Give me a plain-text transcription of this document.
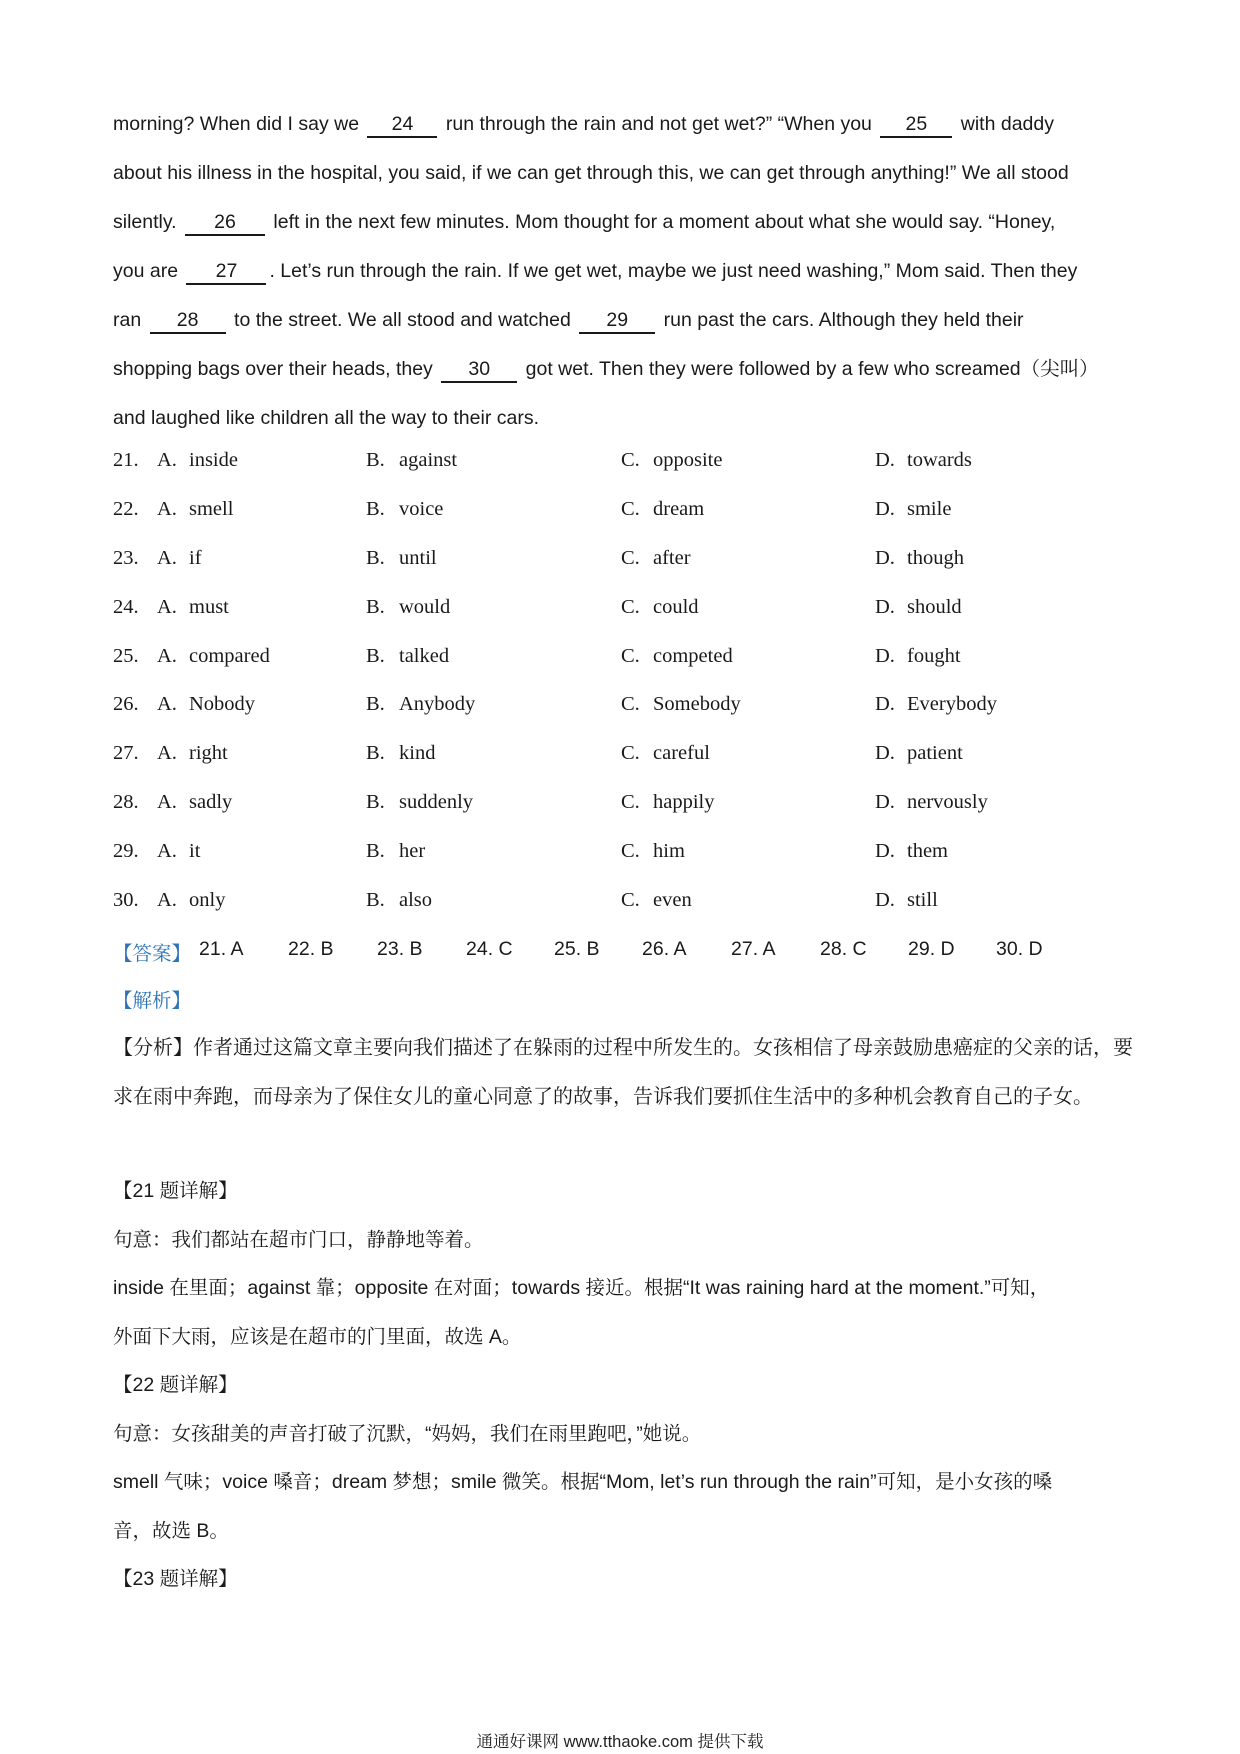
morning? When did I say we 24 run through the rain and not get wet?” “When you 25 with daddy
about his illness in the hospital, you said, if we can get through this, we can get through anything!” We all stood
silently. 26 left in the next few minutes. Mom thought for a moment about what she would say. “Honey,
you are 27 . Let’s run through the rain. If we get wet, maybe we just need washing,” Mom said. Then they
ran 28 to the street. We all stood and watched 29 run past the cars. Although they held their
shopping bags over their heads, they 30 got wet. Then they were followed by a few who screamed（尖叫）
and laughed like children all the way to their cars.
21. A. inside	B. against	C. opposite	D. towards
22. A. smell	B. voice	C. dream	D. smile
23. A. if	B. until	C. after	D. though
24. A. must	B. would	C. could	D. should
25. A. compared	B. talked	C. competed	D. fought
26. A. Nobody	B. Anybody	C. Somebody	D. Everybody
27. A. right	B. kind	C. careful	D. patient
28. A. sadly	B. suddenly	C. happily	D. nervously
29. A. it	B. her	C. him	D. them
30. A. only	B. also	C. even	D. still
【答案】 21. A 22. B 23. B 24. C 25. B 26. A 27. A 28. C 29. D 30. D
【解析】

【分析】作者通过这篇文章主要向我们描述了在躲雨的过程中所发生的。女孩相信了母亲鼓励患癌症的父亲的话，要求在雨中奔跑，而母亲为了保住女儿的童心同意了的故事，告诉我们要抓住生活中的多种机会教育自己的子女。

【21 题详解】
句意：我们都站在超市门口，静静地等着。
inside 在里面；against 靠；opposite 在对面；towards 接近。根据“It was raining hard at the moment.”可知，
外面下大雨，应该是在超市的门里面，故选 A。
【22 题详解】
句意：女孩甜美的声音打破了沉默，“妈妈，我们在雨里跑吧，”她说。
smell 气味；voice 嗓音；dream 梦想；smile 微笑。根据“Mom, let’s run through the rain”可知，是小女孩的嗓
音，故选 B。
【23 题详解】
通通好课网 www.tthaoke.com 提供下载
